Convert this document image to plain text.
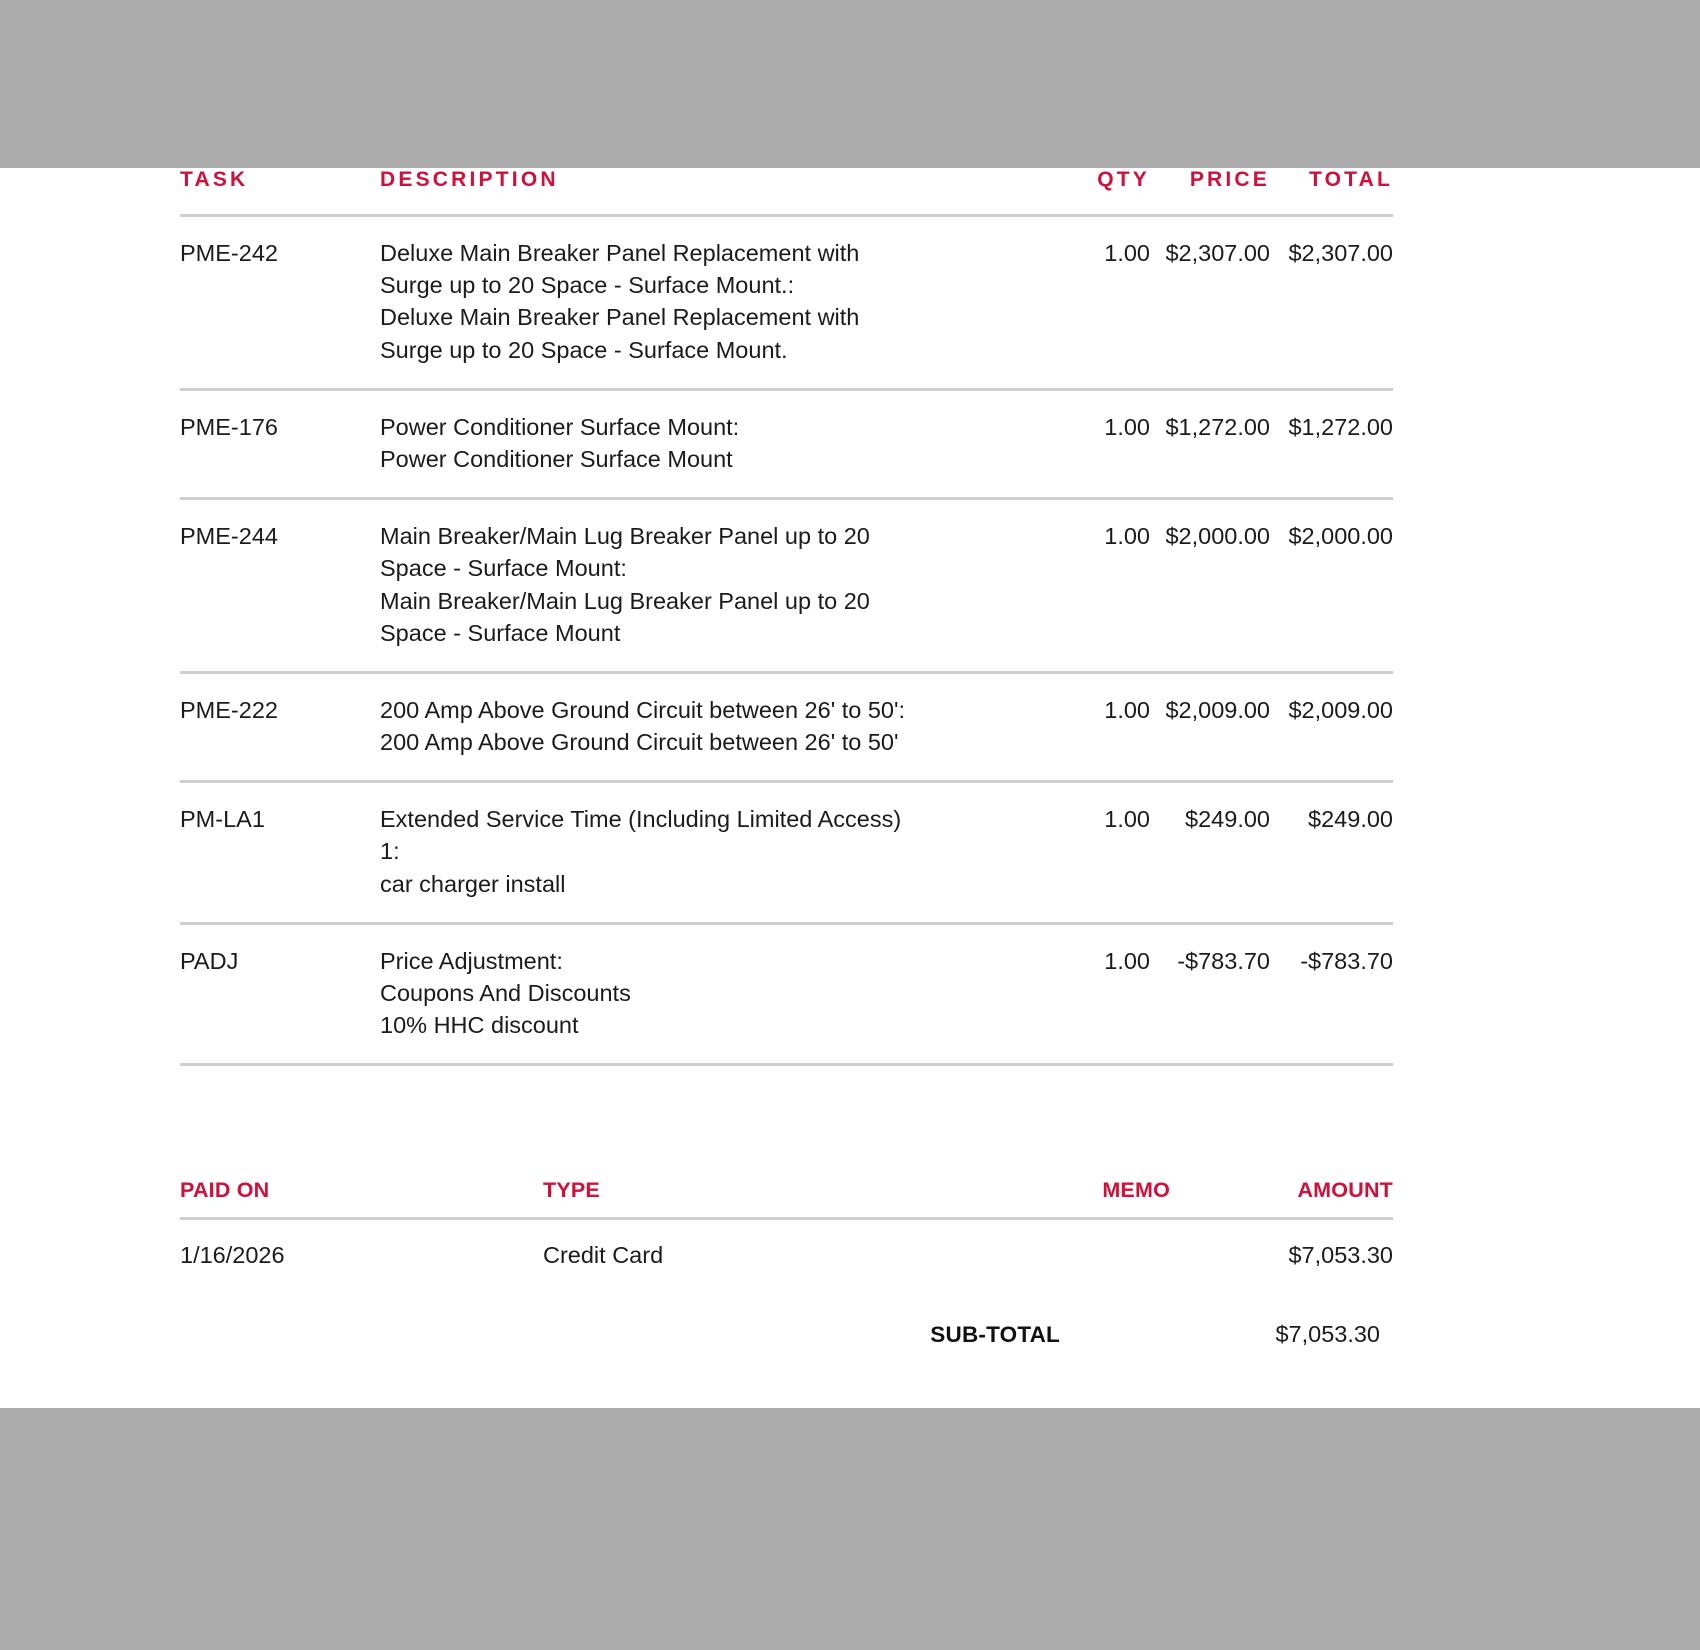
TASK	DESCRIPTION	QTY	PRICE	TOTAL
PME-242	Deluxe Main Breaker Panel Replacement with
Surge up to 20 Space - Surface Mount.:
Deluxe Main Breaker Panel Replacement with
Surge up to 20 Space - Surface Mount.	1.00	$2,307.00	$2,307.00
PME-176	Power Conditioner Surface Mount:
Power Conditioner Surface Mount	1.00	$1,272.00	$1,272.00
PME-244	Main Breaker/Main Lug Breaker Panel up to 20
Space - Surface Mount:
Main Breaker/Main Lug Breaker Panel up to 20
Space - Surface Mount	1.00	$2,000.00	$2,000.00
PME-222	200 Amp Above Ground Circuit between 26' to 50':
200 Amp Above Ground Circuit between 26' to 50'	1.00	$2,009.00	$2,009.00
PM-LA1	Extended Service Time (Including Limited Access)
1:
car charger install	1.00	$249.00	$249.00
PADJ	Price Adjustment:
Coupons And Discounts
10% HHC discount	1.00	-$783.70	-$783.70

PAID ON	TYPE	MEMO	AMOUNT
1/16/2026	Credit Card		$7,053.30
SUB-TOTAL	$7,053.30
